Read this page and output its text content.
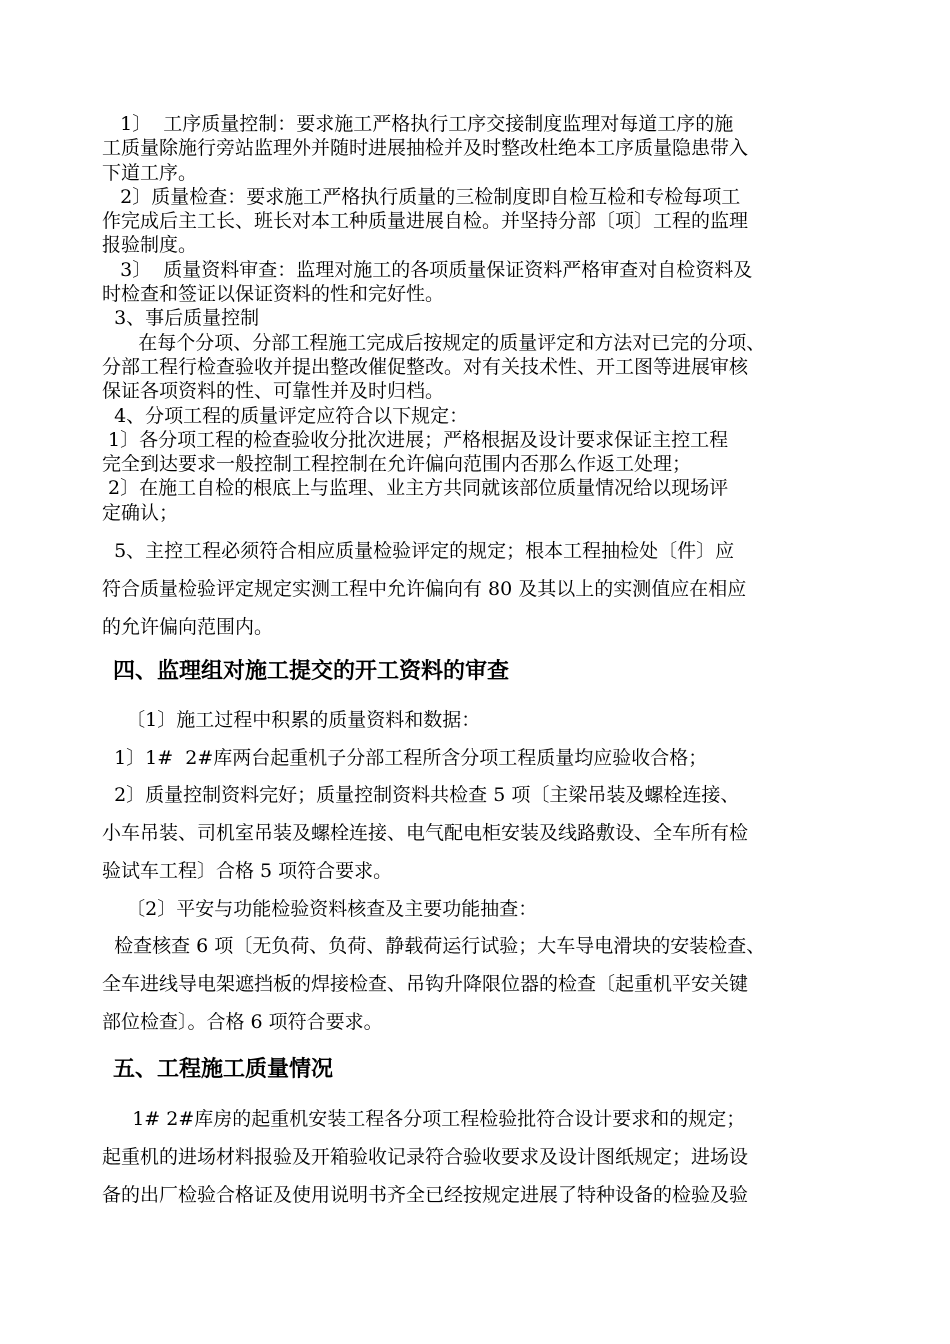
1〕  工序质量控制：要求施工严格执行工序交接制度监理对每道工序的施

工质量除施行旁站监理外并随时进展抽检并及时整改杜绝本工序质量隐患带入

下道工序。

2〕质量检查：要求施工严格执行质量的三检制度即自检互检和专检每项工

作完成后主工长、班长对本工种质量进展自检。并坚持分部〔项〕工程的监理

报验制度。

3〕  质量资料审查：监理对施工的各项质量保证资料严格审查对自检资料及

时检查和签证以保证资料的性和完好性。

3、事后质量控制

在每个分项、分部工程施工完成后按规定的质量评定和方法对已完的分项、

分部工程行检查验收并提出整改催促整改。对有关技术性、开工图等进展审核

保证各项资料的性、可靠性并及时归档。

4、分项工程的质量评定应符合以下规定：

1〕各分项工程的检查验收分批次进展；严格根据及设计要求保证主控工程

完全到达要求一般控制工程控制在允许偏向范围内否那么作返工处理；

2〕在施工自检的根底上与监理、业主方共同就该部位质量情况给以现场评

定确认；

5、主控工程必须符合相应质量检验评定的规定；根本工程抽检处〔件〕应

符合质量检验评定规定实测工程中允许偏向有 80 及其以上的实测值应在相应

的允许偏向范围内。

四、监理组对施工提交的开工资料的审查

〔1〕施工过程中积累的质量资料和数据：

1〕1#  2#库两台起重机子分部工程所含分项工程质量均应验收合格；

2〕质量控制资料完好；质量控制资料共检查 5 项〔主梁吊装及螺栓连接、

小车吊装、司机室吊装及螺栓连接、电气配电柜安装及线路敷设、全车所有检

验试车工程〕合格 5 项符合要求。

〔2〕平安与功能检验资料核查及主要功能抽查：

检查核查 6 项〔无负荷、负荷、静载荷运行试验；大车导电滑块的安装检查、

全车进线导电架遮挡板的焊接检查、吊钩升降限位器的检查〔起重机平安关键

部位检查〕。合格 6 项符合要求。

五、工程施工质量情况

1# 2#库房的起重机安装工程各分项工程检验批符合设计要求和的规定；

起重机的进场材料报验及开箱验收记录符合验收要求及设计图纸规定；进场设

备的出厂检验合格证及使用说明书齐全已经按规定进展了特种设备的检验及验
